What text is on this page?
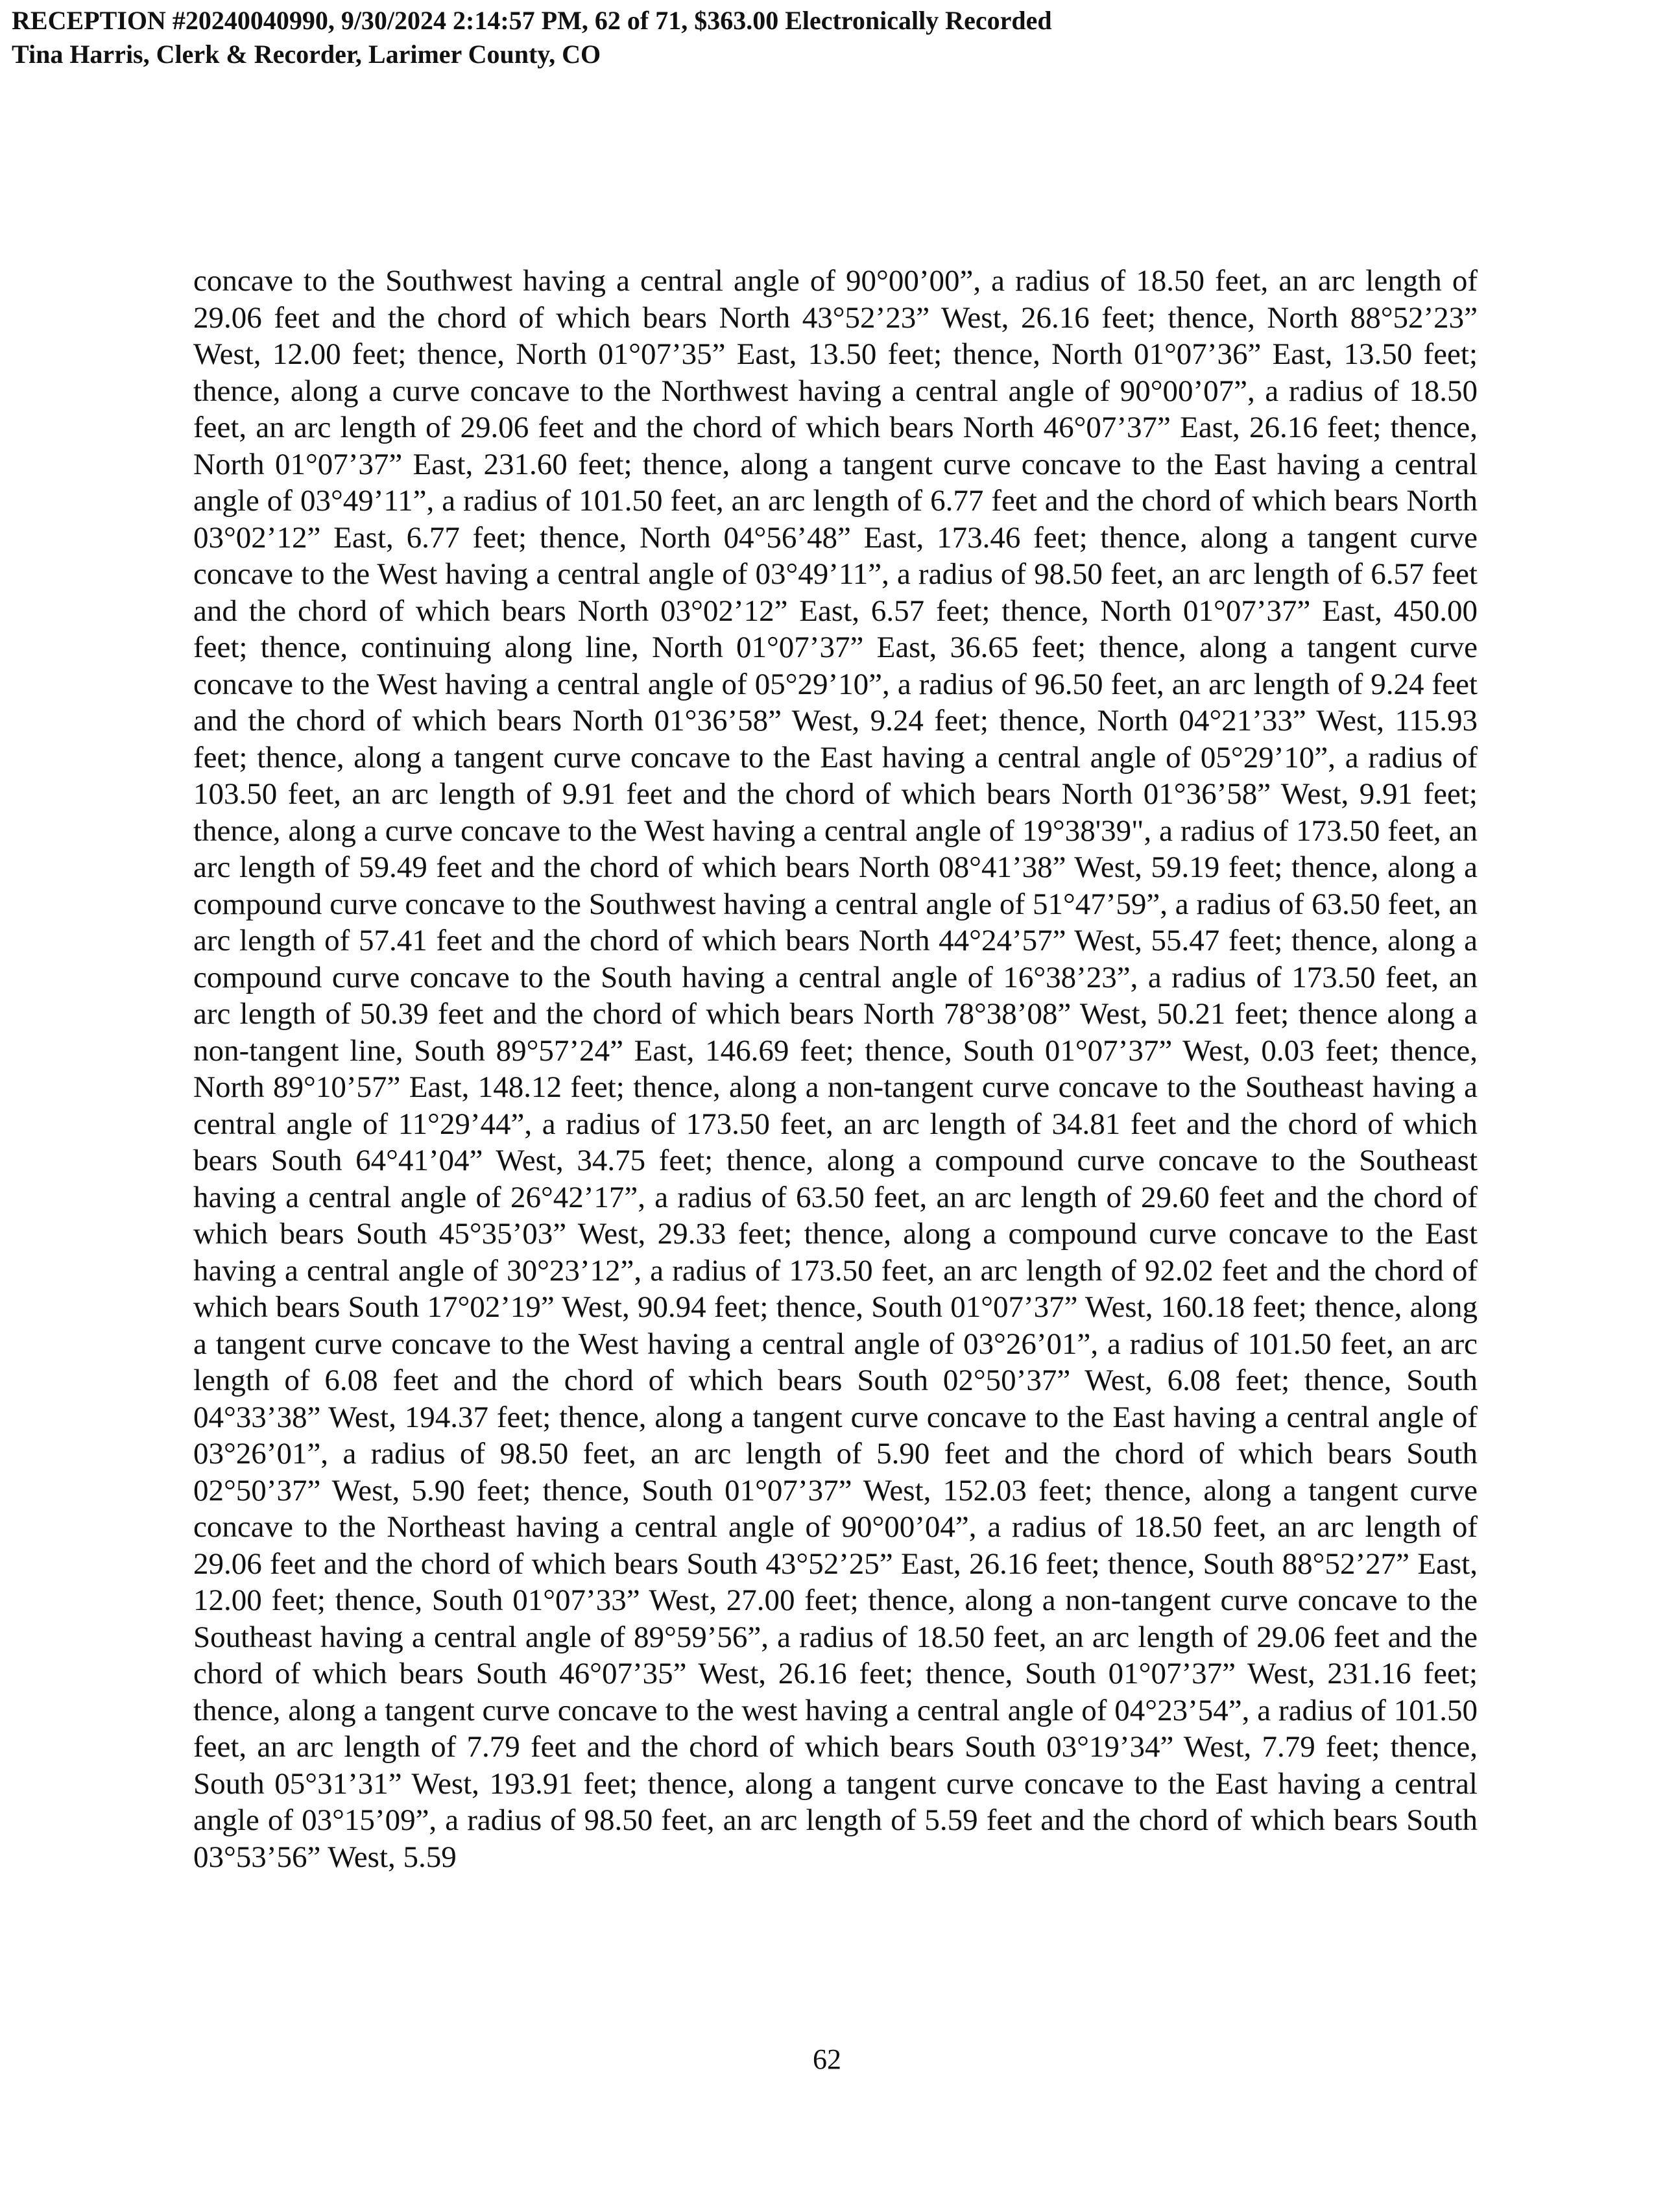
RECEPTION #20240040990, 9/30/2024 2:14:57 PM, 62 of 71, $363.00 Electronically Recorded
Tina Harris, Clerk & Recorder, Larimer County, CO

concave to the Southwest having a central angle of 90°00’00”, a radius of 18.50 feet, an arc length of 29.06 feet and the chord of which bears North 43°52’23” West, 26.16 feet; thence, North 88°52’23” West, 12.00 feet; thence, North 01°07’35” East, 13.50 feet; thence, North 01°07’36” East, 13.50 feet; thence, along a curve concave to the Northwest having a central angle of 90°00’07”, a radius of 18.50 feet, an arc length of 29.06 feet and the chord of which bears North 46°07’37” East, 26.16 feet; thence, North 01°07’37” East, 231.60 feet; thence, along a tangent curve concave to the East having a central angle of 03°49’11”, a radius of 101.50 feet, an arc length of 6.77 feet and the chord of which bears North 03°02’12” East, 6.77 feet; thence, North 04°56’48” East, 173.46 feet; thence, along a tangent curve concave to the West having a central angle of 03°49’11”, a radius of 98.50 feet, an arc length of 6.57 feet and the chord of which bears North 03°02’12” East, 6.57 feet; thence, North 01°07’37” East, 450.00 feet; thence, continuing along line, North 01°07’37” East, 36.65 feet; thence, along a tangent curve concave to the West having a central angle of 05°29’10”, a radius of 96.50 feet, an arc length of 9.24 feet and the chord of which bears North 01°36’58” West, 9.24 feet; thence, North 04°21’33” West, 115.93 feet; thence, along a tangent curve concave to the East having a central angle of 05°29’10”, a radius of 103.50 feet, an arc length of 9.91 feet and the chord of which bears North 01°36’58” West, 9.91 feet; thence, along a curve concave to the West having a central angle of 19°38'39", a radius of 173.50 feet, an arc length of 59.49 feet and the chord of which bears North 08°41’38” West, 59.19 feet; thence, along a compound curve concave to the Southwest having a central angle of 51°47’59”, a radius of 63.50 feet, an arc length of 57.41 feet and the chord of which bears North 44°24’57” West, 55.47 feet; thence, along a compound curve concave to the South having a central angle of 16°38’23”, a radius of 173.50 feet, an arc length of 50.39 feet and the chord of which bears North 78°38’08” West, 50.21 feet; thence along a non-tangent line, South 89°57’24” East, 146.69 feet; thence, South 01°07’37” West, 0.03 feet; thence, North 89°10’57” East, 148.12 feet; thence, along a non-tangent curve concave to the Southeast having a central angle of 11°29’44”, a radius of 173.50 feet, an arc length of 34.81 feet and the chord of which bears South 64°41’04” West, 34.75 feet; thence, along a compound curve concave to the Southeast having a central angle of 26°42’17”, a radius of 63.50 feet, an arc length of 29.60 feet and the chord of which bears South 45°35’03” West, 29.33 feet; thence, along a compound curve concave to the East having a central angle of 30°23’12”, a radius of 173.50 feet, an arc length of 92.02 feet and the chord of which bears South 17°02’19” West, 90.94 feet; thence, South 01°07’37” West, 160.18 feet; thence, along a tangent curve concave to the West having a central angle of 03°26’01”, a radius of 101.50 feet, an arc length of 6.08 feet and the chord of which bears South 02°50’37” West, 6.08 feet; thence, South 04°33’38” West, 194.37 feet; thence, along a tangent curve concave to the East having a central angle of 03°26’01”, a radius of 98.50 feet, an arc length of 5.90 feet and the chord of which bears South 02°50’37” West, 5.90 feet; thence, South 01°07’37” West, 152.03 feet; thence, along a tangent curve concave to the Northeast having a central angle of 90°00’04”, a radius of 18.50 feet, an arc length of 29.06 feet and the chord of which bears South 43°52’25” East, 26.16 feet; thence, South 88°52’27” East, 12.00 feet; thence, South 01°07’33” West, 27.00 feet; thence, along a non-tangent curve concave to the Southeast having a central angle of 89°59’56”, a radius of 18.50 feet, an arc length of 29.06 feet and the chord of which bears South 46°07’35” West, 26.16 feet; thence, South 01°07’37” West, 231.16 feet; thence, along a tangent curve concave to the west having a central angle of 04°23’54”, a radius of 101.50 feet, an arc length of 7.79 feet and the chord of which bears South 03°19’34” West, 7.79 feet; thence, South 05°31’31” West, 193.91 feet; thence, along a tangent curve concave to the East having a central angle of 03°15’09”, a radius of 98.50 feet, an arc length of 5.59 feet and the chord of which bears South 03°53’56” West, 5.59

62
